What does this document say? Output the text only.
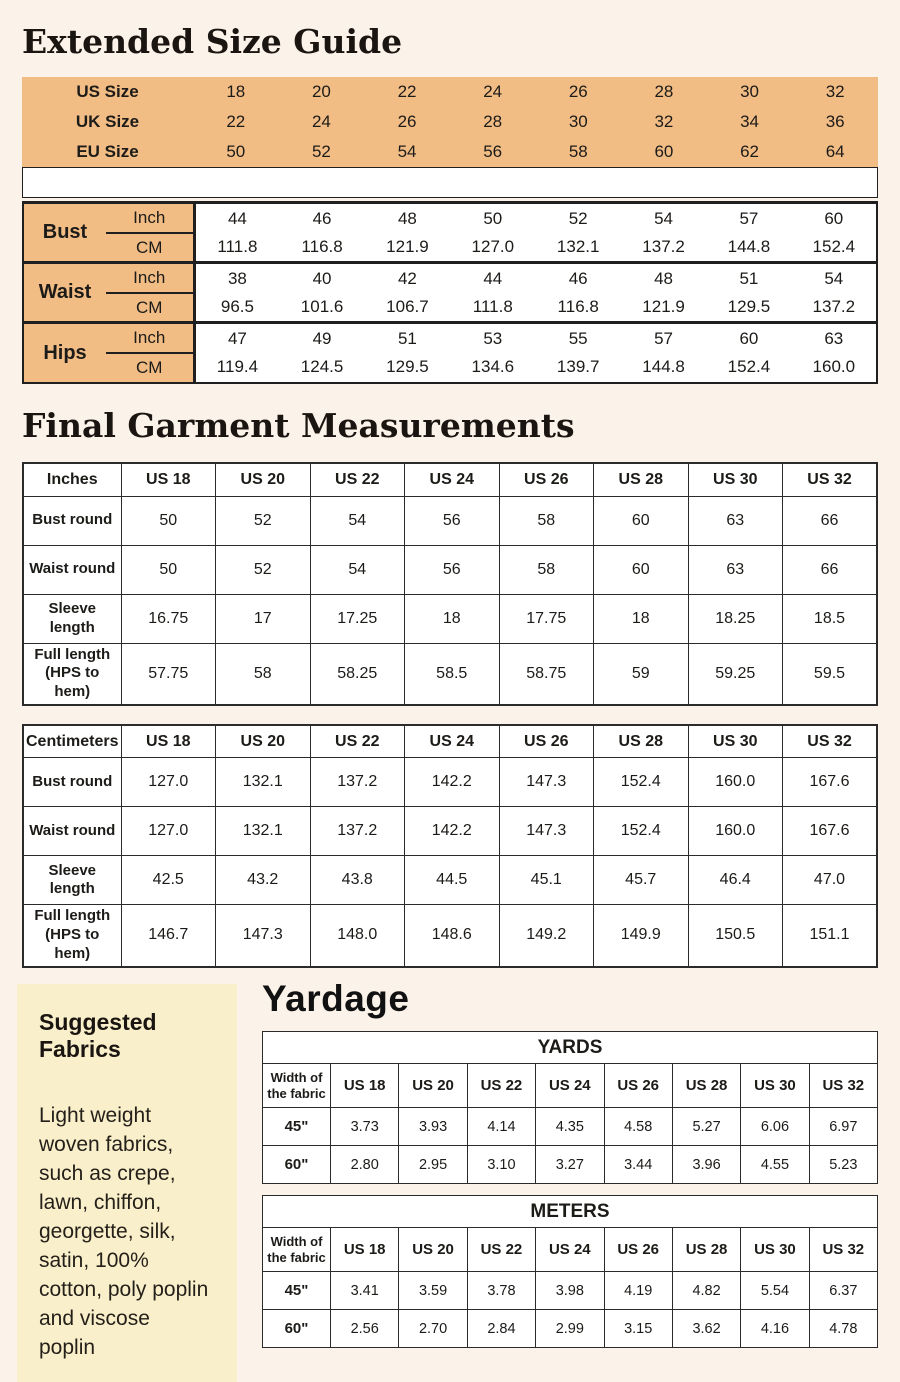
Extended Size Guide
US Size	18	20	22	24	26	28	30	32
UK Size	22	24	26	28	30	32	34	36
EU Size	50	52	54	56	58	60	62	64
Bust	Inch	44	46	48	50	52	54	57	60
	CM	111.8	116.8	121.9	127.0	132.1	137.2	144.8	152.4
Waist	Inch	38	40	42	44	46	48	51	54
	CM	96.5	101.6	106.7	111.8	116.8	121.9	129.5	137.2
Hips	Inch	47	49	51	53	55	57	60	63
	CM	119.4	124.5	129.5	134.6	139.7	144.8	152.4	160.0
Final Garment Measurements
Inches	US 18	US 20	US 22	US 24	US 26	US 28	US 30	US 32
Bust round	50	52	54	56	58	60	63	66
Waist round	50	52	54	56	58	60	63	66
Sleeve length	16.75	17	17.25	18	17.75	18	18.25	18.5
Full length (HPS to hem)	57.75	58	58.25	58.5	58.75	59	59.25	59.5
Centimeters	US 18	US 20	US 22	US 24	US 26	US 28	US 30	US 32
Bust round	127.0	132.1	137.2	142.2	147.3	152.4	160.0	167.6
Waist round	127.0	132.1	137.2	142.2	147.3	152.4	160.0	167.6
Sleeve length	42.5	43.2	43.8	44.5	45.1	45.7	46.4	47.0
Full length (HPS to hem)	146.7	147.3	148.0	148.6	149.2	149.9	150.5	151.1
Suggested Fabrics

Light weight woven fabrics, such as crepe, lawn, chiffon, georgette, silk, satin, 100% cotton, poly poplin and viscose poplin

Yardage
YARDS								
Width of the fabric	US 18	US 20	US 22	US 24	US 26	US 28	US 30	US 32
45"	3.73	3.93	4.14	4.35	4.58	5.27	6.06	6.97
60"	2.80	2.95	3.10	3.27	3.44	3.96	4.55	5.23
METERS								
Width of the fabric	US 18	US 20	US 22	US 24	US 26	US 28	US 30	US 32
45"	3.41	3.59	3.78	3.98	4.19	4.82	5.54	6.37
60"	2.56	2.70	2.84	2.99	3.15	3.62	4.16	4.78
